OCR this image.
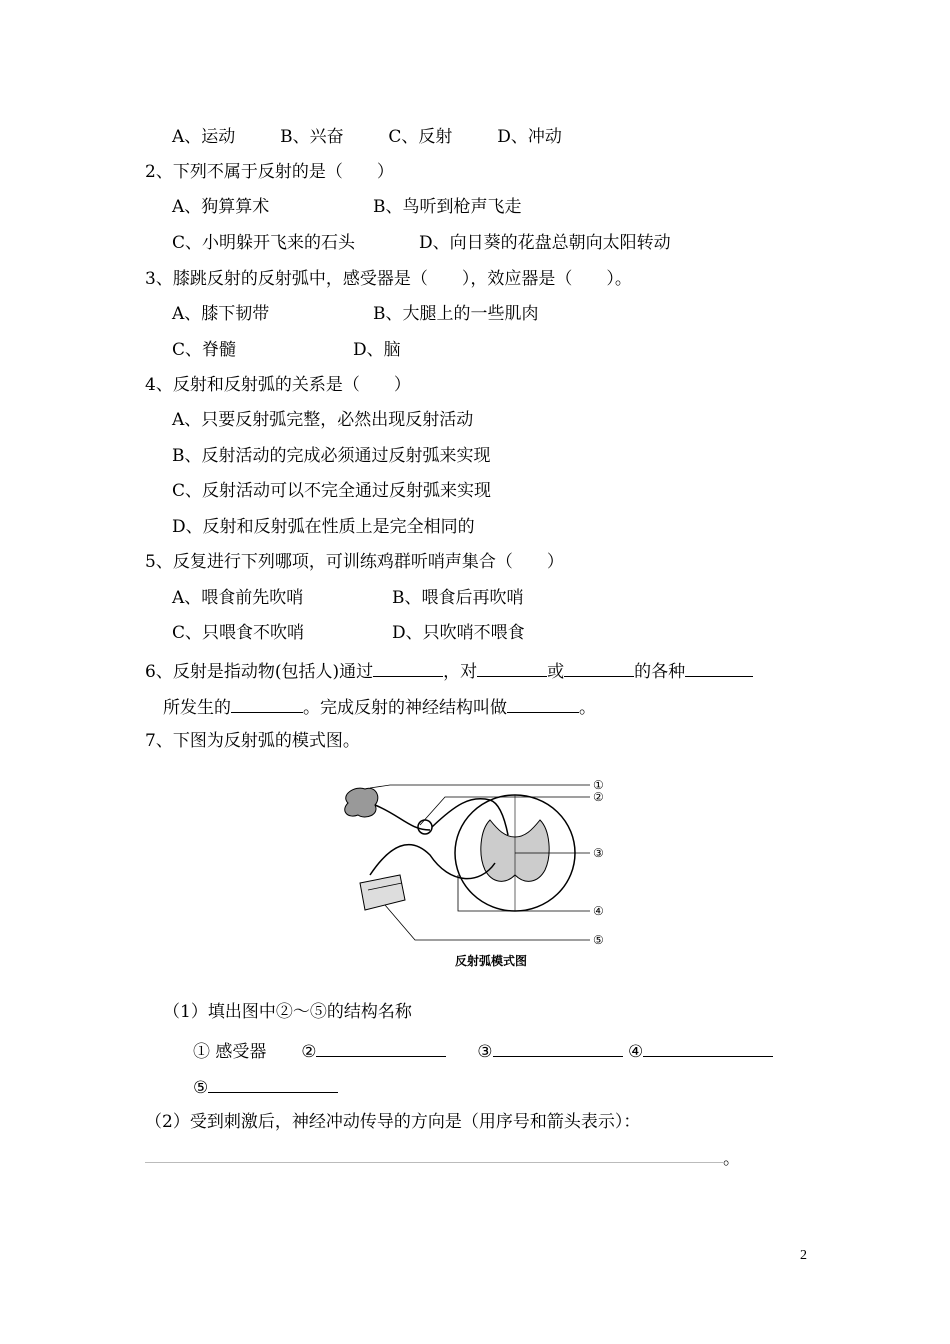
A、运动	B、兴奋	C、反射	D、冲动
2、下列不属于反射的是（　　）
A、狗算算术	B、鸟听到枪声飞走
C、小明躲开飞来的石头	D、向日葵的花盘总朝向太阳转动
3、膝跳反射的反射弧中，感受器是（　　），效应器是（　　）。
A、膝下韧带	B、大腿上的一些肌肉
C、脊髓	D、脑
4、反射和反射弧的关系是（　　）
A、只要反射弧完整，必然出现反射活动
B、反射活动的完成必须通过反射弧来实现
C、反射活动可以不完全通过反射弧来实现
D、反射和反射弧在性质上是完全相同的
5、反复进行下列哪项，可训练鸡群听哨声集合（　　）
A、喂食前先吹哨	B、喂食后再吹哨
C、只喂食不吹哨	D、只吹哨不喂食
6、反射是指动物(包括人)通过	，对	或	的各种
所发生的	。完成反射的神经结构叫做	。
7、下图为反射弧的模式图。
①
②
③
④
⑤
反射弧模式图
（1）填出图中②～⑤的结构名称
① 感受器 ②	③	④
⑤
（2）受到刺激后，神经冲动传导的方向是（用序号和箭头表示）：
。
2
